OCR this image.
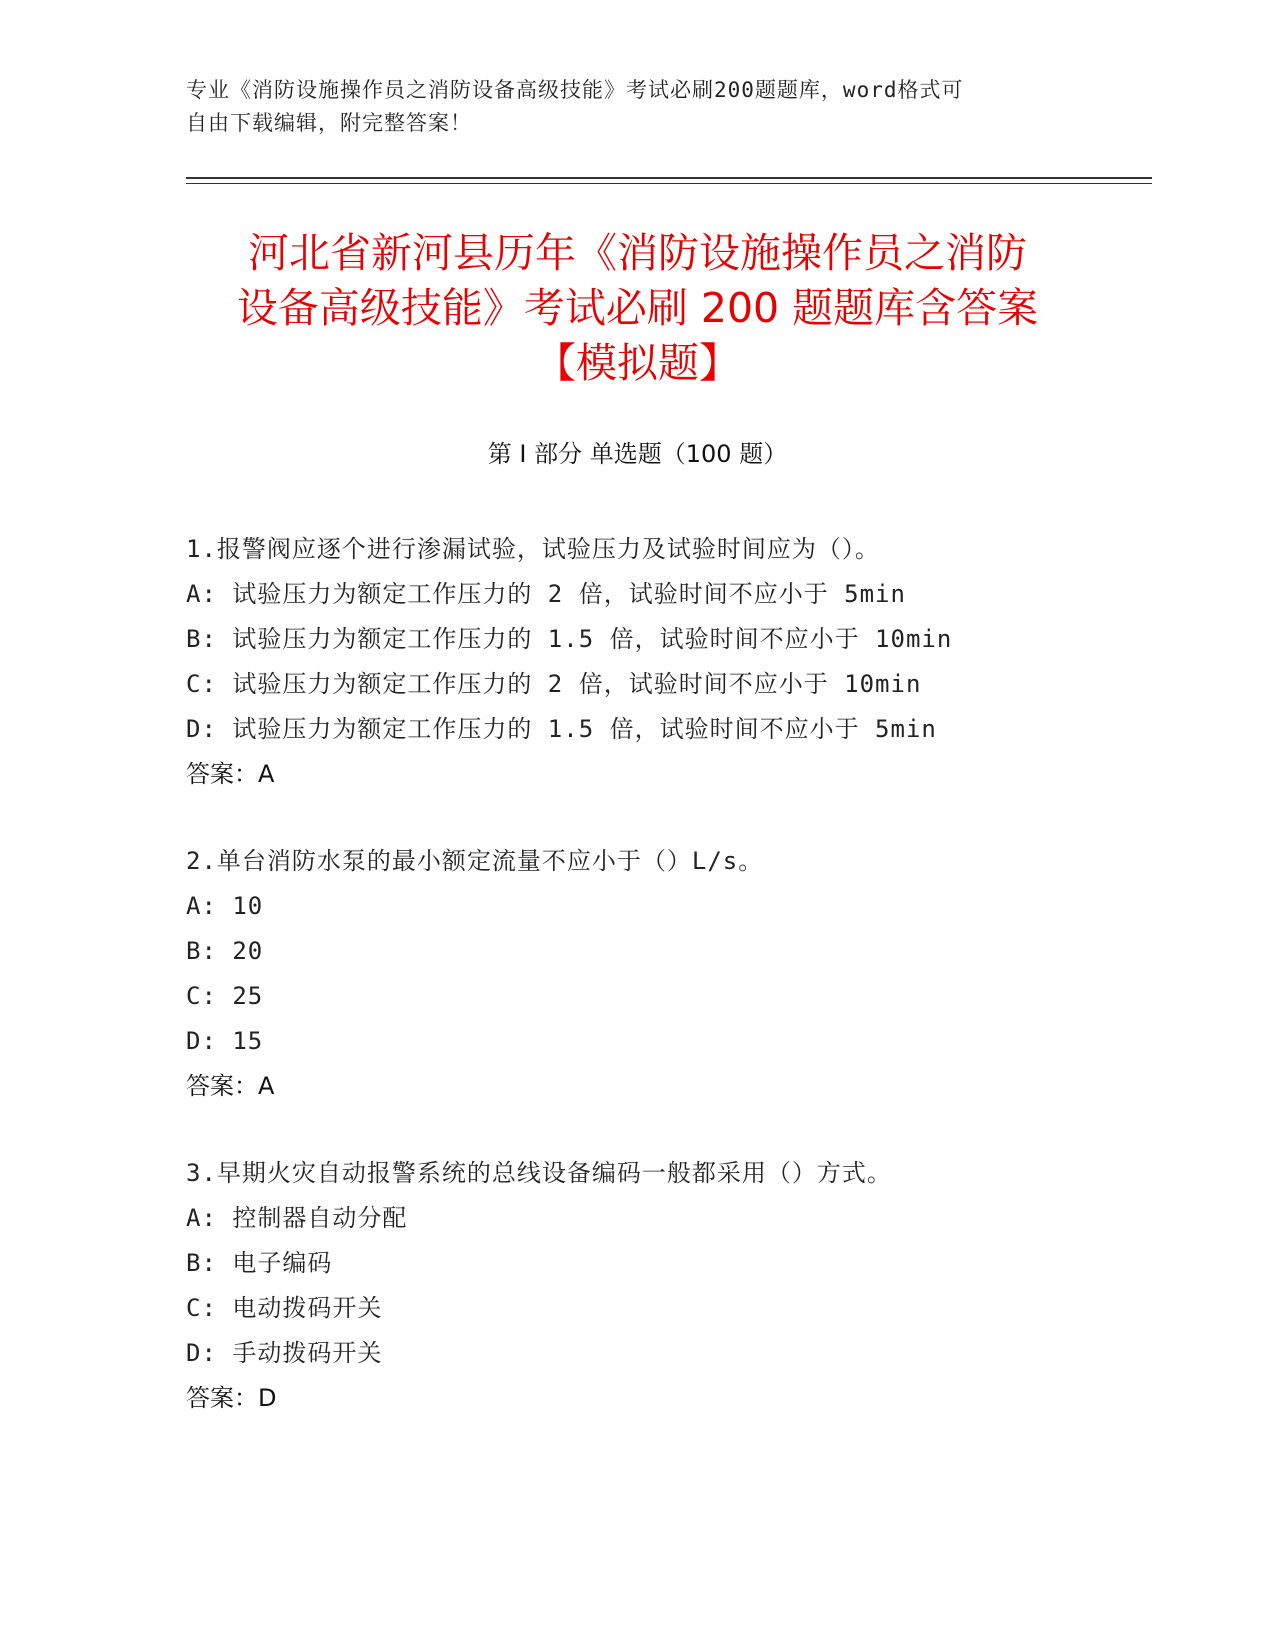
专业《消防设施操作员之消防设备高级技能》考试必刷200题题库，word格式可
自由下载编辑，附完整答案！
河北省新河县历年《消防设施操作员之消防
设备高级技能》考试必刷 200 题题库含答案
【模拟题】
第 I 部分 单选题（100 题）
1.报警阀应逐个进行渗漏试验，试验压力及试验时间应为（）。
A: 试验压力为额定工作压力的 2 倍，试验时间不应小于 5min
B: 试验压力为额定工作压力的 1.5 倍，试验时间不应小于 10min
C: 试验压力为额定工作压力的 2 倍，试验时间不应小于 10min
D: 试验压力为额定工作压力的 1.5 倍，试验时间不应小于 5min
答案：A
2.单台消防水泵的最小额定流量不应小于（）L/s。
A: 10
B: 20
C: 25
D: 15
答案：A
3.早期火灾自动报警系统的总线设备编码一般都采用（）方式。
A: 控制器自动分配
B: 电子编码
C: 电动拨码开关
D: 手动拨码开关
答案：D
